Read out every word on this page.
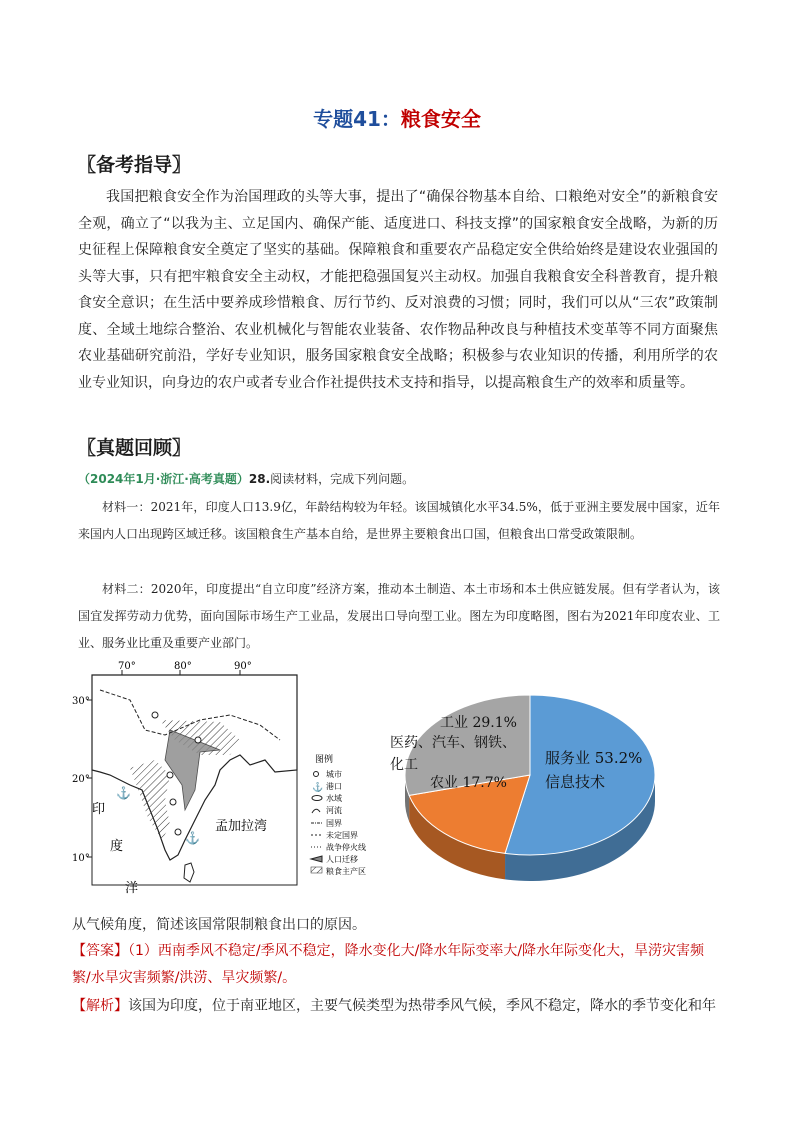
专题41：粮食安全
〖备考指导〗
我国把粮食安全作为治国理政的头等大事，提出了“确保谷物基本自给、口粮绝对安全”的新粮食安全观，确立了“以我为主、立足国内、确保产能、适度进口、科技支撑”的国家粮食安全战略，为新的历史征程上保障粮食安全奠定了坚实的基础。保障粮食和重要农产品稳定安全供给始终是建设农业强国的头等大事，只有把牢粮食安全主动权，才能把稳强国复兴主动权。加强自我粮食安全科普教育，提升粮食安全意识；在生活中要养成珍惜粮食、厉行节约、反对浪费的习惯；同时，我们可以从“三农”政策制度、全域土地综合整治、农业机械化与智能农业装备、农作物品种改良与种植技术变革等不同方面聚焦农业基础研究前沿，学好专业知识，服务国家粮食安全战略；积极参与农业知识的传播，利用所学的农业专业知识，向身边的农户或者专业合作社提供技术支持和指导，以提高粮食生产的效率和质量等。
〖真题回顾〗
（2024年1月·浙江·高考真题）28.阅读材料，完成下列问题。
材料一：2021年，印度人口13.9亿，年龄结构较为年轻。该国城镇化水平34.5%，低于亚洲主要发展中国家，近年来国内人口出现跨区域迁移。该国粮食生产基本自给，是世界主要粮食出口国，但粮食出口常受政策限制。
材料二：2020年，印度提出“自立印度”经济方案，推动本土制造、本土市场和本土供应链发展。但有学者认为，该国宜发挥劳动力优势，面向国际市场生产工业品，发展出口导向型工业。图左为印度略图，图右为2021年印度农业、工业、服务业比重及重要产业部门。
⚓
⚓
70°	80°	90°
30°
20°
10°
印
度
洋
孟加拉湾
图例
城市
⚓ 港口
水域
河流
国界
未定国界
战争停火线
人口迁移
粮食主产区
工业 29.1%
医药、汽车、钢铁、
化工	服务业 53.2%
信息技术
农业 17.7%
从气候角度，简述该国常限制粮食出口的原因。
【答案】（1）西南季风不稳定/季风不稳定，降水变化大/降水年际变率大/降水年际变化大，旱涝灾害频繁/水旱灾害频繁/洪涝、旱灾频繁/。
【解析】该国为印度，位于南亚地区，主要气候类型为热带季风气候，季风不稳定，降水的季节变化和年
